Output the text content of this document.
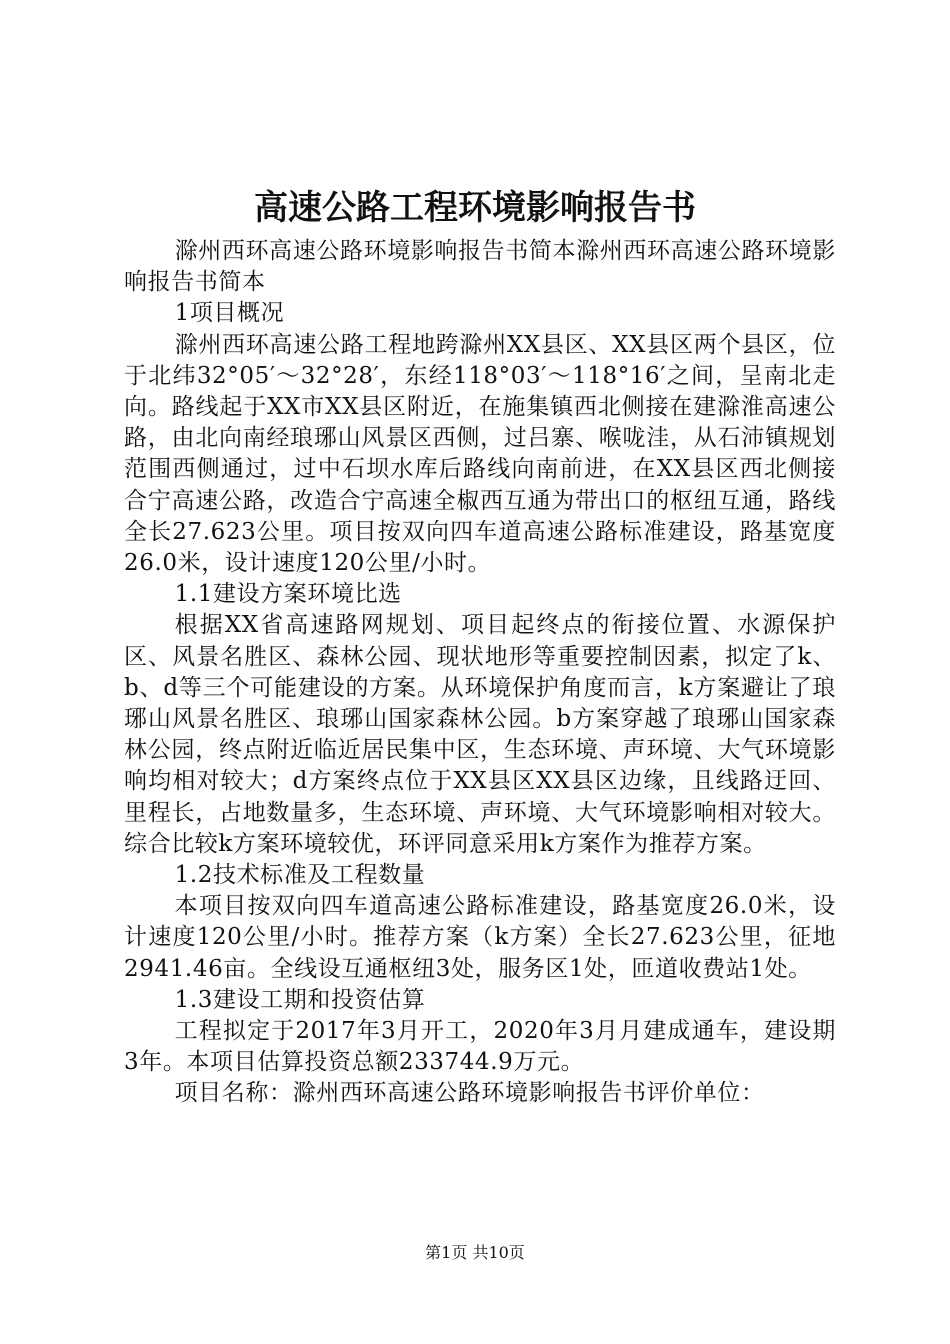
高速公路工程环境影响报告书

滁州西环高速公路环境影响报告书简本滁州西环高速公路环境影响报告书简本

1项目概况

滁州西环高速公路工程地跨滁州XX县区、XX县区两个县区，位于北纬32°05′～32°28′，东经118°03′～118°16′之间，呈南北走向。路线起于XX市XX县区附近，在施集镇西北侧接在建滁淮高速公路，由北向南经琅琊山风景区西侧，过吕寨、喉咙洼，从石沛镇规划范围西侧通过，过中石坝水库后路线向南前进，在XX县区西北侧接合宁高速公路，改造合宁高速全椒西互通为带出口的枢纽互通，路线全长27.623公里。项目按双向四车道高速公路标准建设，路基宽度26.0米，设计速度120公里/小时。

1.1建设方案环境比选

根据XX省高速路网规划、项目起终点的衔接位置、水源保护区、风景名胜区、森林公园、现状地形等重要控制因素，拟定了k、b、d等三个可能建设的方案。从环境保护角度而言，k方案避让了琅琊山风景名胜区、琅琊山国家森林公园。b方案穿越了琅琊山国家森林公园，终点附近临近居民集中区，生态环境、声环境、大气环境影响均相对较大；d方案终点位于XX县区XX县区边缘，且线路迂回、里程长，占地数量多，生态环境、声环境、大气环境影响相对较大。综合比较k方案环境较优，环评同意采用k方案作为推荐方案。

1.2技术标准及工程数量

本项目按双向四车道高速公路标准建设，路基宽度26.0米，设计速度120公里/小时。推荐方案（k方案）全长27.623公里，征地2941.46亩。全线设互通枢纽3处，服务区1处，匝道收费站1处。

1.3建设工期和投资估算

工程拟定于2017年3月开工，2020年3月月建成通车，建设期3年。本项目估算投资总额233744.9万元。

项目名称：滁州西环高速公路环境影响报告书评价单位：

第1页 共10页
